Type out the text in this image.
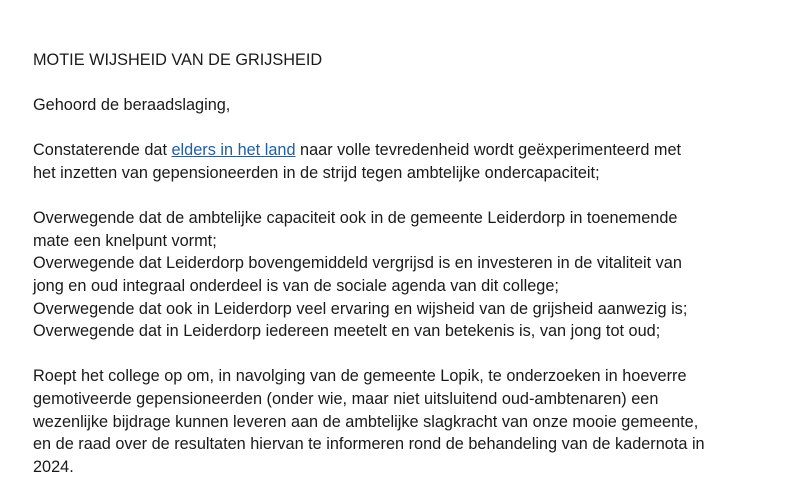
MOTIE WIJSHEID VAN DE GRIJSHEID

Gehoord de beraadslaging,

Constaterende dat elders in het land naar volle tevredenheid wordt geëxperimenteerd met
het inzetten van gepensioneerden in de strijd tegen ambtelijke ondercapaciteit;

Overwegende dat de ambtelijke capaciteit ook in de gemeente Leiderdorp in toenemende
mate een knelpunt vormt;

Overwegende dat Leiderdorp bovengemiddeld vergrijsd is en investeren in de vitaliteit van
jong en oud integraal onderdeel is van de sociale agenda van dit college;

Overwegende dat ook in Leiderdorp veel ervaring en wijsheid van de grijsheid aanwezig is;

Overwegende dat in Leiderdorp iedereen meetelt en van betekenis is, van jong tot oud;

Roept het college op om, in navolging van de gemeente Lopik, te onderzoeken in hoeverre
gemotiveerde gepensioneerden (onder wie, maar niet uitsluitend oud-ambtenaren) een
wezenlijke bijdrage kunnen leveren aan de ambtelijke slagkracht van onze mooie gemeente,
en de raad over de resultaten hiervan te informeren rond de behandeling van de kadernota in
2024.
